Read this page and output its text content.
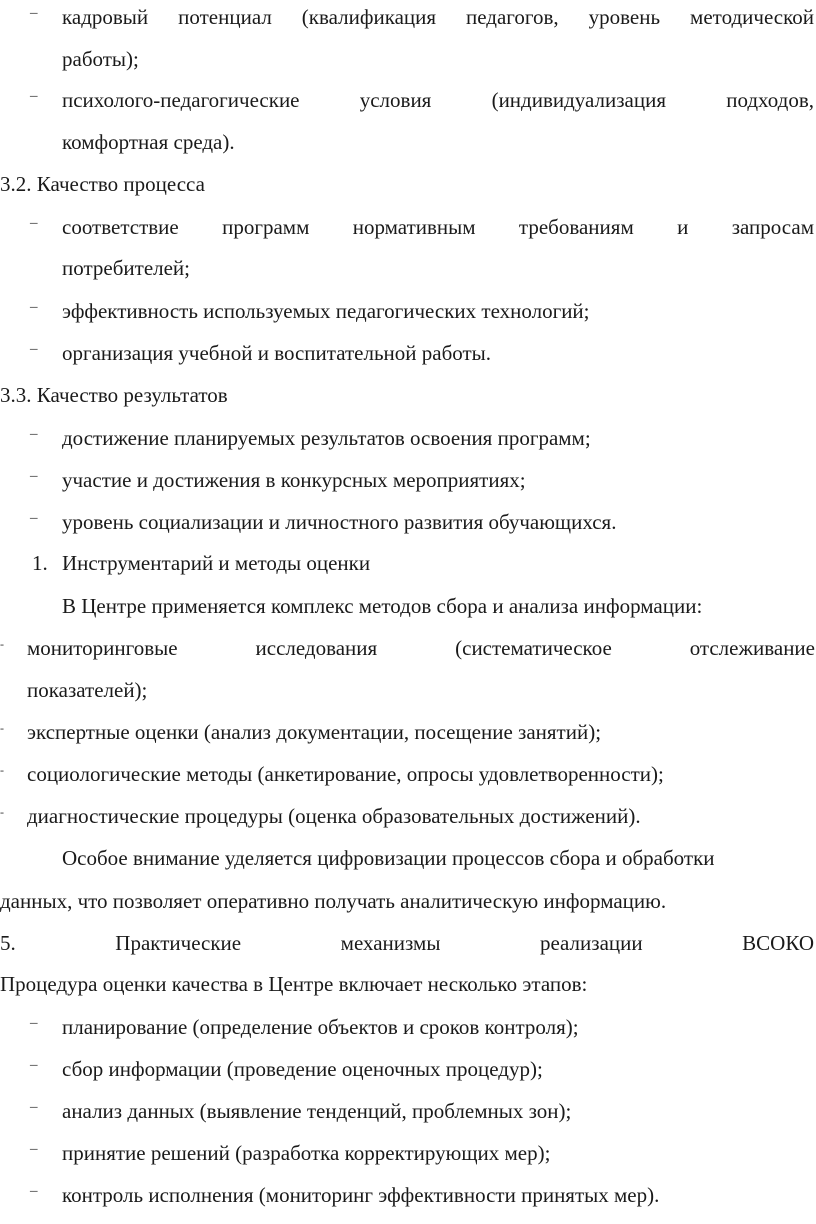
– кадровый потенциал (квалификация педагогов, уровень методической
работы);
– психолого-педагогические условия (индивидуализация подходов,
комфортная среда).
3.2. Качество процесса
– соответствие программ нормативным требованиям и запросам
потребителей;
– эффективность используемых педагогических технологий;
– организация учебной и воспитательной работы.
3.3. Качество результатов
– достижение планируемых результатов освоения программ;
– участие и достижения в конкурсных мероприятиях;
– уровень социализации и личностного развития обучающихся.
1. Инструментарий и методы оценки
В Центре применяется комплекс методов сбора и анализа информации:
- мониторинговые исследования (систематическое отслеживание
показателей);
- экспертные оценки (анализ документации, посещение занятий);
- социологические методы (анкетирование, опросы удовлетворенности);
- диагностические процедуры (оценка образовательных достижений).
Особое внимание уделяется цифровизации процессов сбора и обработки
данных, что позволяет оперативно получать аналитическую информацию.
5. Практические механизмы реализации ВСОКО
Процедура оценки качества в Центре включает несколько этапов:
– планирование (определение объектов и сроков контроля);
– сбор информации (проведение оценочных процедур);
– анализ данных (выявление тенденций, проблемных зон);
– принятие решений (разработка корректирующих мер);
– контроль исполнения (мониторинг эффективности принятых мер).
